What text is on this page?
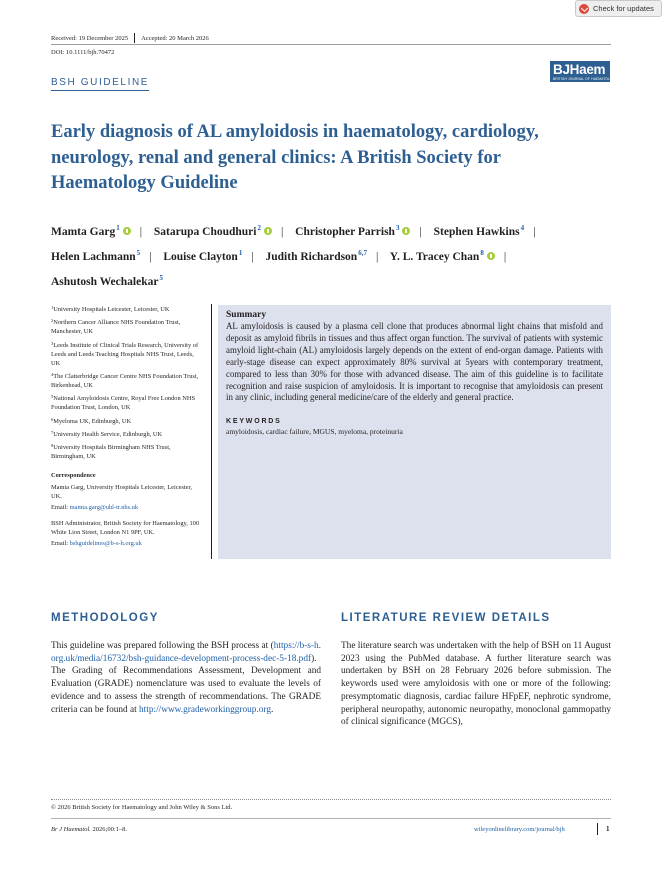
Check for updates
Received: 19 December 2025 Accepted: 20 March 2026
DOI: 10.1111/bjh.70472
BSH GUIDELINE
BJHaem
BRITISH JOURNAL OF HAEMATOLOGY
Early diagnosis of AL amyloidosis in haematology, cardiology, neurology, renal and general clinics: A British Society for Haematology Guideline
Mamta Garg$^1$ | Satarupa Choudhuri$^2$ | Christopher Parrish$^3$ | Stephen Hawkins$^4$ | Helen Lachmann$^5$ | Louise Clayton$^1$ | Judith Richardson$^{6,7}$ | Y. L. Tracey Chan$^8$ | Ashutosh Wechalekar$^5$

$^1$University Hospitals Leicester, Leicester, UK

$^2$Northern Cancer Alliance NHS Foundation Trust, Manchester, UK

$^3$Leeds Institute of Clinical Trials Research, University of Leeds and Leeds Teaching Hospitals NHS Trust, Leeds, UK

$^4$The Clatterbridge Cancer Centre NHS Foundation Trust, Birkenhead, UK

$^5$National Amyloidosis Centre, Royal Free London NHS Foundation Trust, London, UK

$^6$Myeloma UK, Edinburgh, UK

$^7$University Health Service, Edinburgh, UK

$^8$University Hospitals Birmingham NHS Trust, Birmingham, UK

Correspondence

Mamta Garg, University Hospitals Leicester, Leicester, UK.

Email: mamta.garg@uhl-tr.nhs.uk

BSH Administrator, British Society for Haematology, 100 White Lion Street, London N1 9PF, UK.

Email: bshguidelines@b-s-h.org.uk

Summary

AL amyloidosis is caused by a plasma cell clone that produces abnormal light chains that misfold and deposit as amyloid fibrils in tissues and thus affect organ function. The survival of patients with systemic amyloid light-chain (AL) amyloidosis largely depends on the extent of end-organ damage. Patients with early-stage disease can expect approximately 80% survival at 5years with contemporary treatment, compared to less than 30% for those with advanced disease. The aim of this guideline is to facilitate recognition and raise suspicion of amyloidosis. It is important to recognise that amyloidosis can present in any clinic, including general medicine/care of the elderly and general practice.

KEYWORDS

amyloidosis, cardiac failure, MGUS, myeloma, proteinuria

METHODOLOGY

This guideline was prepared following the BSH process at (https://b-s-h.org.uk/media/16732/bsh-guidance-development-process-dec-5-18.pdf). The Grading of Recommendations Assessment, Development and Evaluation (GRADE) nomenclature was used to evaluate the levels of evidence and to assess the strength of recommendations. The GRADE criteria can be found at http://www.gradeworkinggroup.org.

LITERATURE REVIEW DETAILS

The literature search was undertaken with the help of BSH on 11 August 2023 using the PubMed database. A further literature search was undertaken by BSH on 28 February 2026 before submission. The keywords used were amyloidosis with one or more of the following: presymptomatic diagnosis, cardiac failure HFpEF, nephrotic syndrome, peripheral neuropathy, autonomic neuropathy, monoclonal gammopathy of clinical significance (MGCS),

© 2026 British Society for Haematology and John Wiley & Sons Ltd.
Br J Haematol. 2026;00:1–8.	wileyonlinelibrary.com/journal/bjh	1
